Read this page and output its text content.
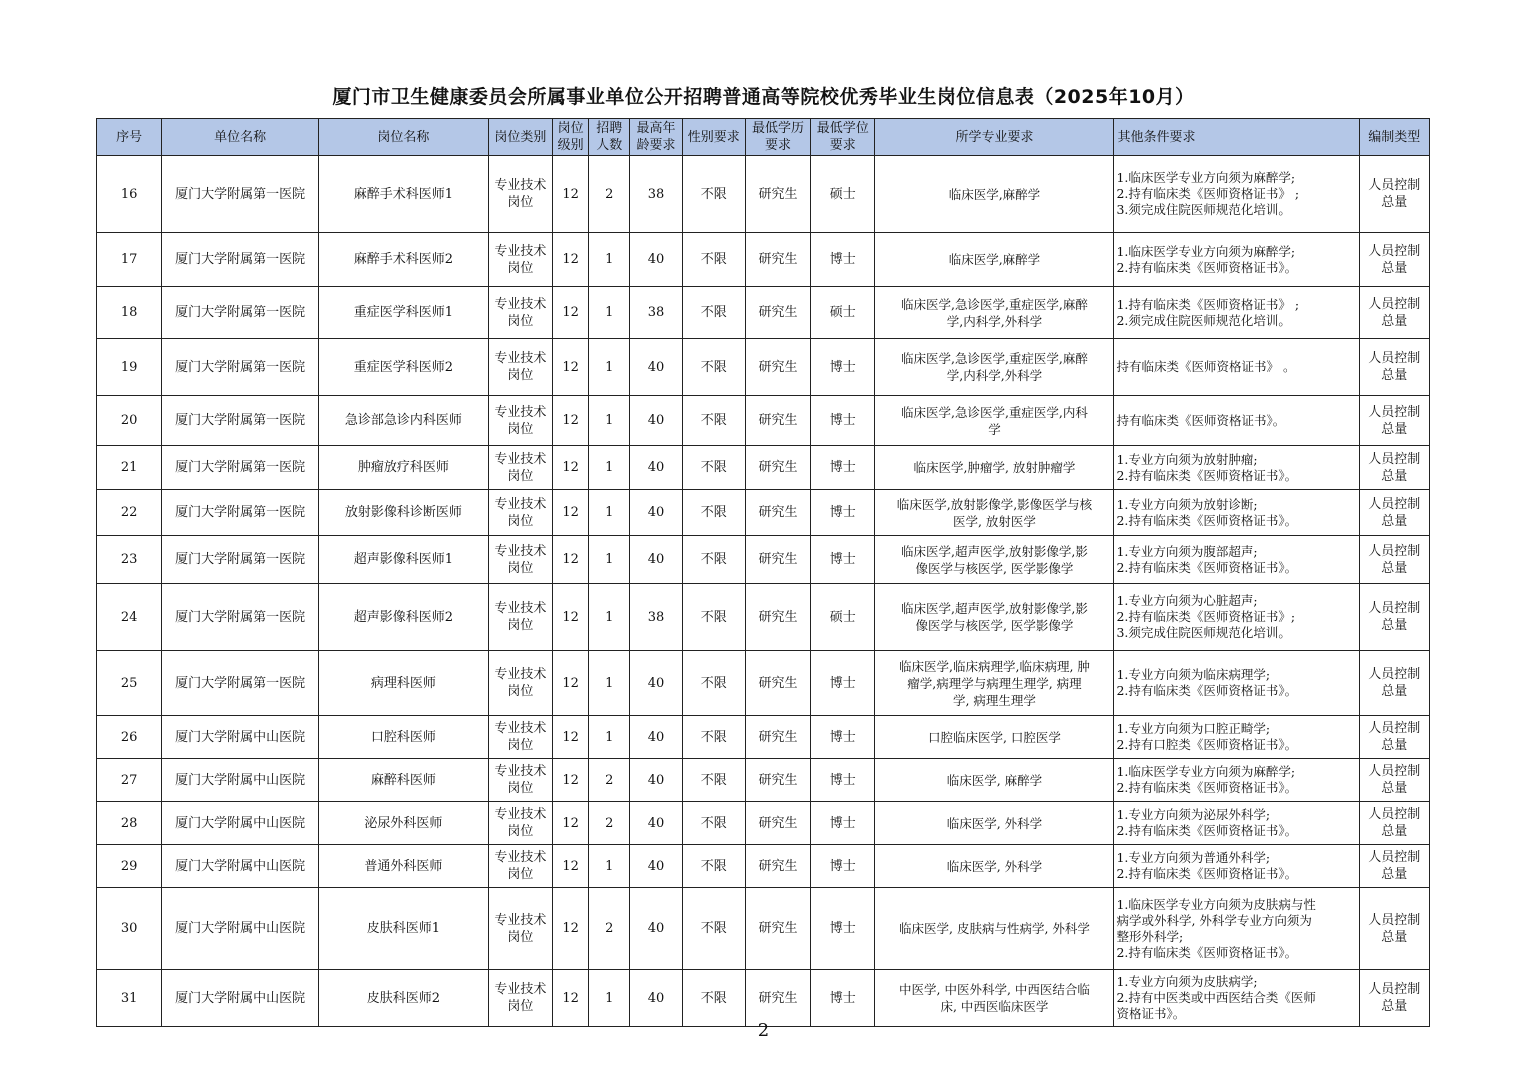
厦门市卫生健康委员会所属事业单位公开招聘普通高等院校优秀毕业生岗位信息表（2025年10月）
序号	单位名称	岗位名称	岗位类别	岗位
级别	招聘
人数	最高年
龄要求	性别要求	最低学历
要求	最低学位
要求	所学专业要求	其他条件要求	编制类型
16	厦门大学附属第一医院	麻醉手术科医师1	专业技术
岗位	12	2	38	不限	研究生	硕士	临床医学,麻醉学	1.临床医学专业方向须为麻醉学;
2.持有临床类《医师资格证书》 ;
3.须完成住院医师规范化培训。	人员控制
总量

17	厦门大学附属第一医院	麻醉手术科医师2	专业技术
岗位	12	1	40	不限	研究生	博士	临床医学,麻醉学	1.临床医学专业方向须为麻醉学;
2.持有临床类《医师资格证书》。	人员控制
总量

18	厦门大学附属第一医院	重症医学科医师1	专业技术
岗位	12	1	38	不限	研究生	硕士	临床医学,急诊医学,重症医学,麻醉
学,内科学,外科学	1.持有临床类《医师资格证书》 ;
2.须完成住院医师规范化培训。	人员控制
总量

19	厦门大学附属第一医院	重症医学科医师2	专业技术
岗位	12	1	40	不限	研究生	博士	临床医学,急诊医学,重症医学,麻醉
学,内科学,外科学	持有临床类《医师资格证书》 。	人员控制
总量

20	厦门大学附属第一医院	急诊部急诊内科医师	专业技术
岗位	12	1	40	不限	研究生	博士	临床医学,急诊医学,重症医学,内科
学	持有临床类《医师资格证书》。	人员控制
总量

21	厦门大学附属第一医院	肿瘤放疗科医师	专业技术
岗位	12	1	40	不限	研究生	博士	临床医学,肿瘤学, 放射肿瘤学	1.专业方向须为放射肿瘤;
2.持有临床类《医师资格证书》。	人员控制
总量

22	厦门大学附属第一医院	放射影像科诊断医师	专业技术
岗位	12	1	40	不限	研究生	博士	临床医学,放射影像学,影像医学与核
医学, 放射医学	1.专业方向须为放射诊断;
2.持有临床类《医师资格证书》。	人员控制
总量

23	厦门大学附属第一医院	超声影像科医师1	专业技术
岗位	12	1	40	不限	研究生	博士	临床医学,超声医学,放射影像学,影
像医学与核医学, 医学影像学	1.专业方向须为腹部超声;
2.持有临床类《医师资格证书》。	人员控制
总量

24	厦门大学附属第一医院	超声影像科医师2	专业技术
岗位	12	1	38	不限	研究生	硕士	临床医学,超声医学,放射影像学,影
像医学与核医学, 医学影像学	1.专业方向须为心脏超声;
2.持有临床类《医师资格证书》;
3.须完成住院医师规范化培训。	人员控制
总量

25	厦门大学附属第一医院	病理科医师	专业技术
岗位	12	1	40	不限	研究生	博士	临床医学,临床病理学,临床病理, 肿
瘤学,病理学与病理生理学, 病理
学, 病理生理学	1.专业方向须为临床病理学;
2.持有临床类《医师资格证书》。	人员控制
总量

26	厦门大学附属中山医院	口腔科医师	专业技术
岗位	12	1	40	不限	研究生	博士	口腔临床医学, 口腔医学	1.专业方向须为口腔正畸学;
2.持有口腔类《医师资格证书》。	人员控制
总量

27	厦门大学附属中山医院	麻醉科医师	专业技术
岗位	12	2	40	不限	研究生	博士	临床医学, 麻醉学	1.临床医学专业方向须为麻醉学;
2.持有临床类《医师资格证书》。	人员控制
总量

28	厦门大学附属中山医院	泌尿外科医师	专业技术
岗位	12	2	40	不限	研究生	博士	临床医学, 外科学	1.专业方向须为泌尿外科学;
2.持有临床类《医师资格证书》。	人员控制
总量

29	厦门大学附属中山医院	普通外科医师	专业技术
岗位	12	1	40	不限	研究生	博士	临床医学, 外科学	1.专业方向须为普通外科学;
2.持有临床类《医师资格证书》。	人员控制
总量

30	厦门大学附属中山医院	皮肤科医师1	专业技术
岗位	12	2	40	不限	研究生	博士	临床医学, 皮肤病与性病学, 外科学	1.临床医学专业方向须为皮肤病与性
病学或外科学, 外科学专业方向须为
整形外科学;
2.持有临床类《医师资格证书》。	人员控制
总量

31	厦门大学附属中山医院	皮肤科医师2	专业技术
岗位	12	1	40	不限	研究生	博士	中医学, 中医外科学, 中西医结合临
床, 中西医临床医学	1.专业方向须为皮肤病学;
2.持有中医类或中西医结合类《医师
资格证书》。	人员控制
总量
2
